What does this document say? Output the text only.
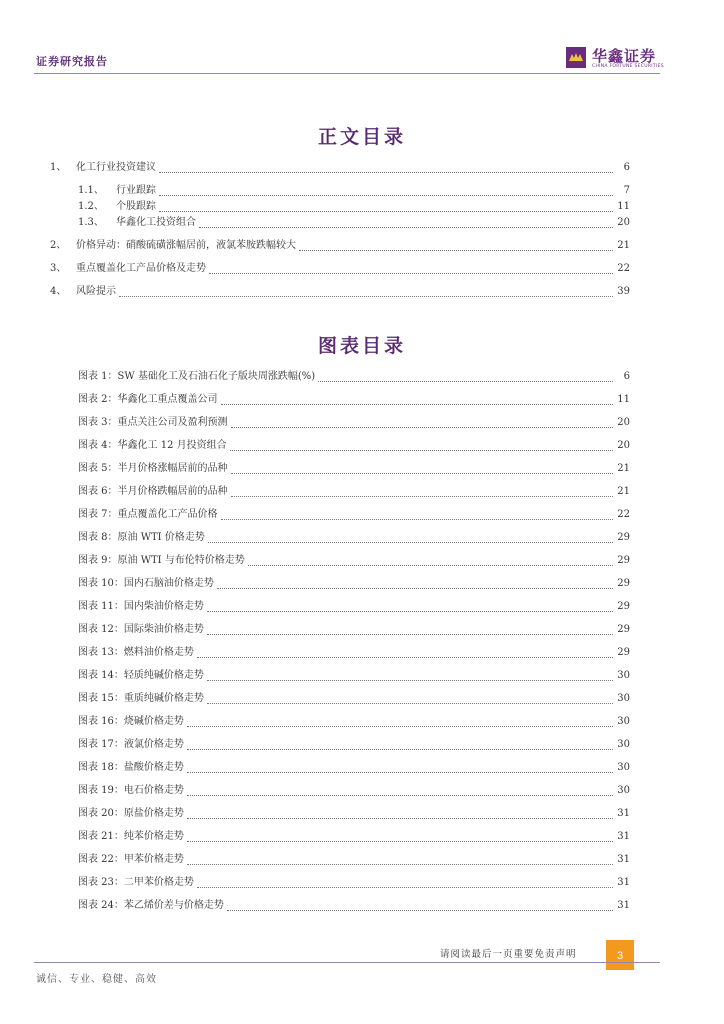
证券研究报告	华鑫证券
CHINA FORTUNE SECURITIES
正文目录
1、 化工行业投资建议	6
1.1、	行业跟踪	7
1.2、	个股跟踪	11
1.3、	华鑫化工投资组合	20
2、 价格异动：硝酸硫磺涨幅居前，液氯苯胺跌幅较大	21
3、 重点覆盖化工产品价格及走势	22
4、 风险提示	39
图表目录
图表 1：SW 基础化工及石油石化子版块周涨跌幅(%)	6
图表 2：华鑫化工重点覆盖公司	11
图表 3：重点关注公司及盈利预测	20
图表 4：华鑫化工 12 月投资组合	20
图表 5：半月价格涨幅居前的品种	21
图表 6：半月价格跌幅居前的品种	21
图表 7：重点覆盖化工产品价格	22
图表 8：原油 WTI 价格走势	29
图表 9：原油 WTI 与布伦特价格走势	29
图表 10：国内石脑油价格走势	29
图表 11：国内柴油价格走势	29
图表 12：国际柴油价格走势	29
图表 13：燃料油价格走势	29
图表 14：轻质纯碱价格走势	30
图表 15：重质纯碱价格走势	30
图表 16：烧碱价格走势	30
图表 17：液氯价格走势	30
图表 18：盐酸价格走势	30
图表 19：电石价格走势	30
图表 20：原盐价格走势	31
图表 21：纯苯价格走势	31
图表 22：甲苯价格走势	31
图表 23：二甲苯价格走势	31
图表 24：苯乙烯价差与价格走势	31
请阅读最后一页重要免责声明	3
诚信、专业、稳健、高效
